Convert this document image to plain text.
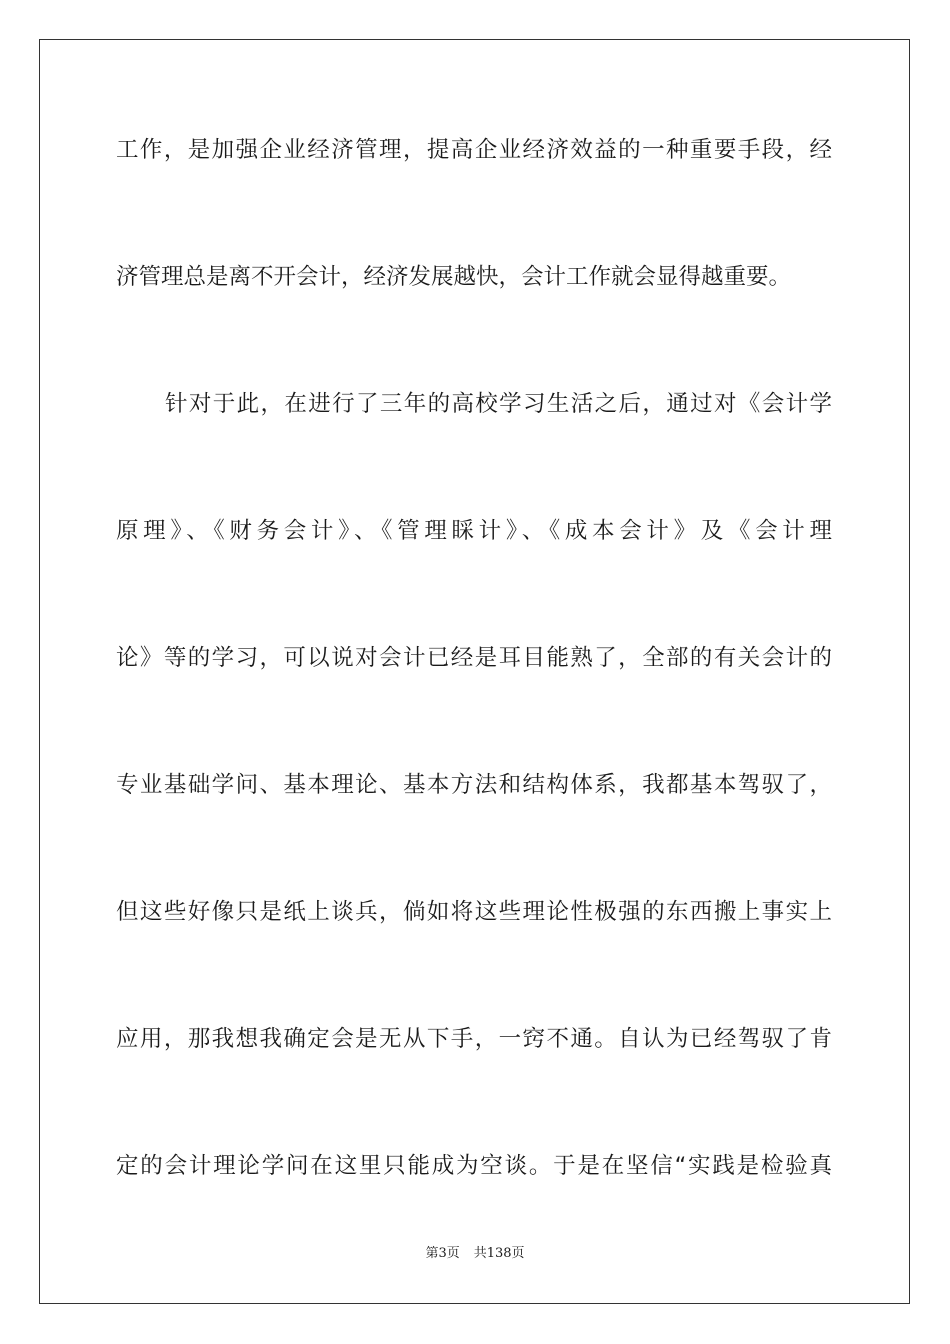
工作，是加强企业经济管理，提高企业经济效益的一种重要手段，经
济管理总是离不开会计，经济发展越快，会计工作就会显得越重要。
针对于此，在进行了三年的高校学习生活之后，通过对《会计学
原理》、《财务会计》、《管理睬计》、《成本会计》及《会计理
论》等的学习，可以说对会计已经是耳目能熟了，全部的有关会计的
专业基础学问、基本理论、基本方法和结构体系，我都基本驾驭了，
但这些好像只是纸上谈兵，倘如将这些理论性极强的东西搬上事实上
应用，那我想我确定会是无从下手，一窍不通。自认为已经驾驭了肯
定的会计理论学问在这里只能成为空谈。于是在坚信“实践是检验真
第3页 共138页
